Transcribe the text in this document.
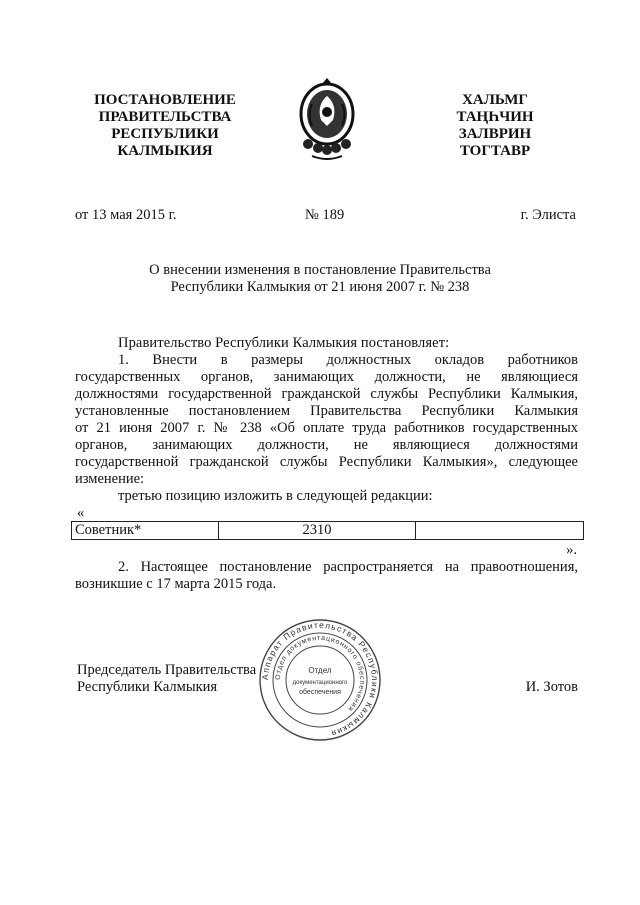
ПОСТАНОВЛЕНИЕ
ПРАВИТЕЛЬСТВА
РЕСПУБЛИКИ
КАЛМЫКИЯ
ХАЛЬМГ
ТАҢҺЧИН
ЗАЛВРИН
ТОГТАВР
от 13 мая 2015 г.	№ 189	г. Элиста
О внесении изменения в постановление Правительства
Республики Калмыкия от 21 июня 2007 г. № 238
Правительство Республики Калмыкия постановляет:
1. Внести в размеры должностных окладов работников
государственных органов, занимающих должности, не являющиеся
должностями государственной гражданской службы Республики Калмыкия,
установленные постановлением Правительства Республики Калмыкия
от 21 июня 2007 г. № 238 «Об оплате труда работников государственных
органов, занимающих должности, не являющиеся должностями
государственной гражданской службы Республики Калмыкия», следующее
изменение:
третью позицию изложить в следующей редакции:
«
Советник*	2310	
».
2. Настоящее постановление распространяется на правоотношения,
возникшие с 17 марта 2015 года.
Председатель Правительства
Республики Калмыкия	И. Зотов
Аппарат Правительства Республики Калмыкия
Отдел документационного обеспечения
Отдел
документационного
обеспечения
